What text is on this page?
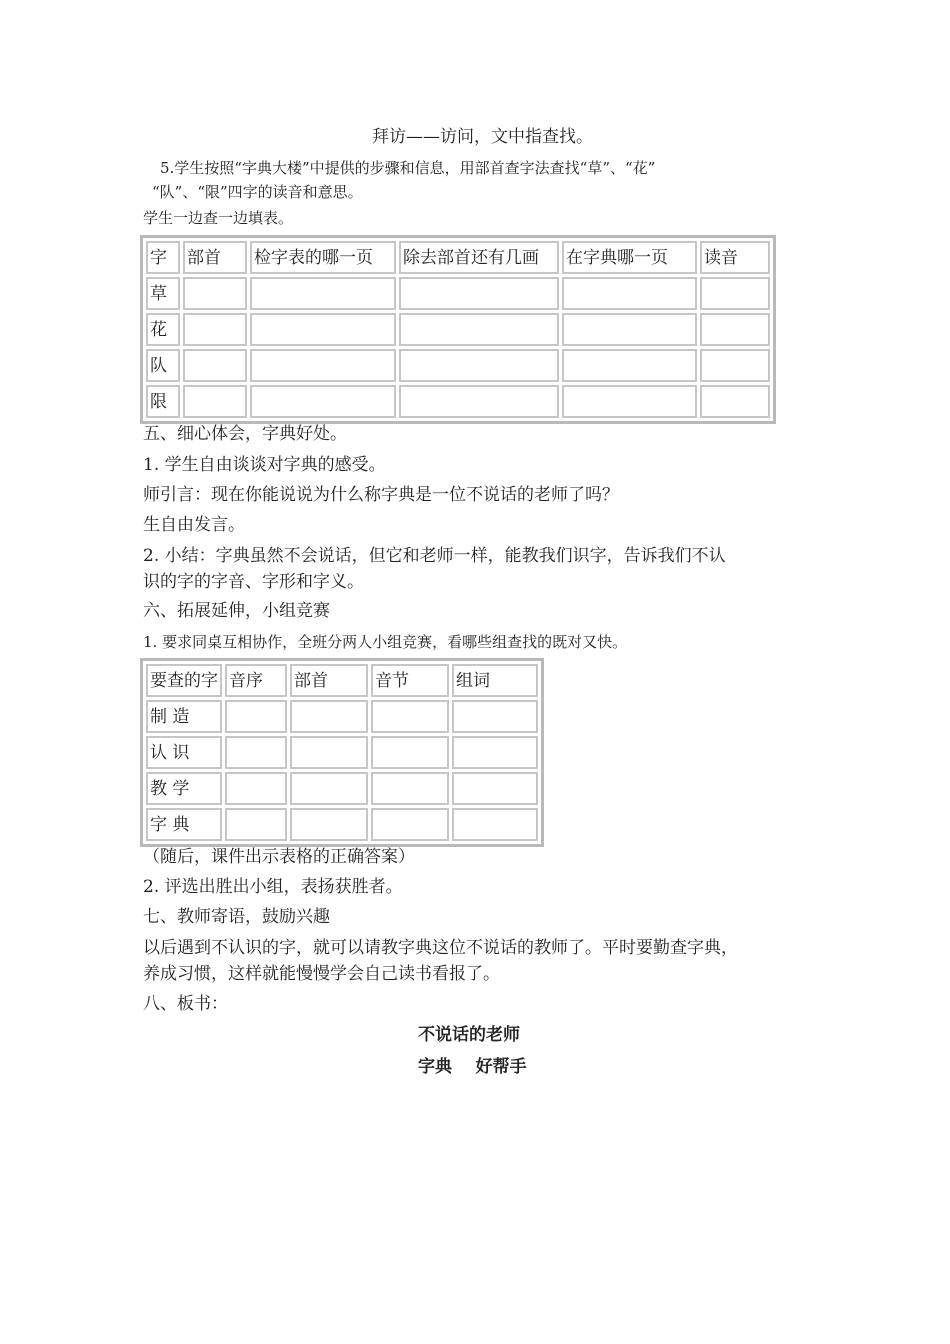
拜访——访问，文中指查找。
5.学生按照“字典大楼”中提供的步骤和信息，用部首查字法查找“草”、“花”
“队”、“限”四字的读音和意思。
学生一边查一边填表。
字	部首	检字表的哪一页	除去部首还有几画	在字典哪一页	读音
草					
花					
队					
限					
五、细心体会，字典好处。
1. 学生自由谈谈对字典的感受。
师引言：现在你能说说为什么称字典是一位不说话的老师了吗？
生自由发言。
2. 小结：字典虽然不会说话，但它和老师一样，能教我们识字，告诉我们不认
识的字的字音、字形和字义。
六、拓展延伸，小组竞赛
1. 要求同桌互相协作，全班分两人小组竞赛，看哪些组查找的既对又快。
要查的字	音序	部首	音节	组词
制 造				
认 识				
教 学				
字 典				
（随后，课件出示表格的正确答案）
2. 评选出胜出小组，表扬获胜者。
七、教师寄语，鼓励兴趣
以后遇到不认识的字，就可以请教字典这位不说话的教师了。平时要勤查字典，
养成习惯，这样就能慢慢学会自己读书看报了。
八、板书：
不说话的老师
字典    好帮手
